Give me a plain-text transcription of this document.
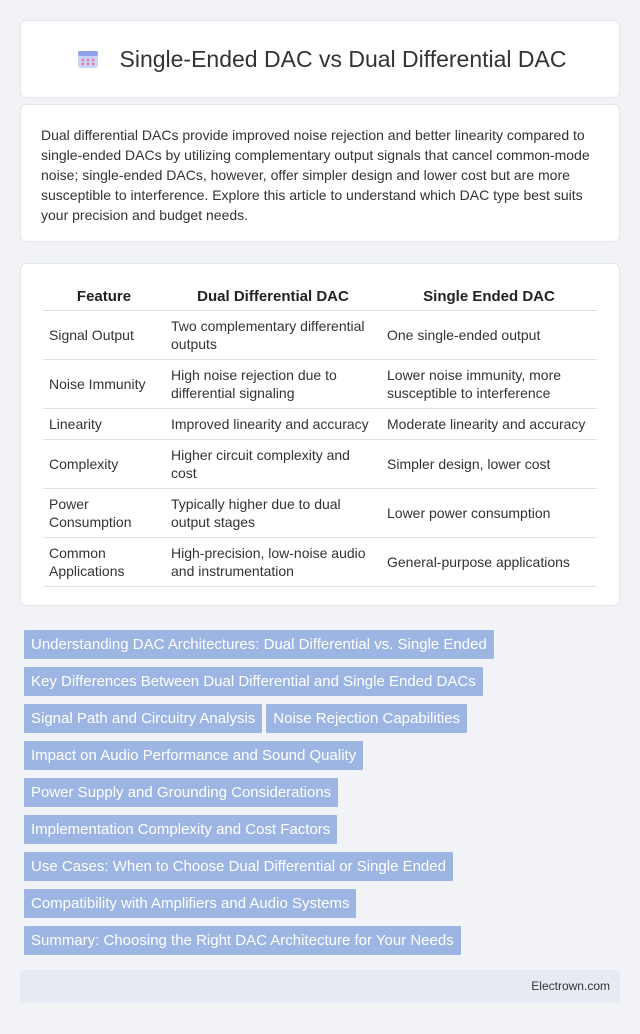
Single-Ended DAC vs Dual Differential DAC

Dual differential DACs provide improved noise rejection and better linearity compared to single-ended DACs by utilizing complementary output signals that cancel common-mode noise; single-ended DACs, however, offer simpler design and lower cost but are more susceptible to interference. Explore this article to understand which DAC type best suits your precision and budget needs.

Feature	Dual Differential DAC	Single Ended DAC
Signal Output	Two complementary differential outputs	One single-ended output
Noise Immunity	High noise rejection due to differential signaling	Lower noise immunity, more susceptible to interference
Linearity	Improved linearity and accuracy	Moderate linearity and accuracy
Complexity	Higher circuit complexity and cost	Simpler design, lower cost
Power Consumption	Typically higher due to dual output stages	Lower power consumption
Common Applications	High-precision, low-noise audio and instrumentation	General-purpose applications
Understanding DAC Architectures: Dual Differential vs. Single Ended
Key Differences Between Dual Differential and Single Ended DACs
Signal Path and Circuitry Analysis Noise Rejection Capabilities
Impact on Audio Performance and Sound Quality
Power Supply and Grounding Considerations
Implementation Complexity and Cost Factors
Use Cases: When to Choose Dual Differential or Single Ended
Compatibility with Amplifiers and Audio Systems
Summary: Choosing the Right DAC Architecture for Your Needs
Electrown.com
